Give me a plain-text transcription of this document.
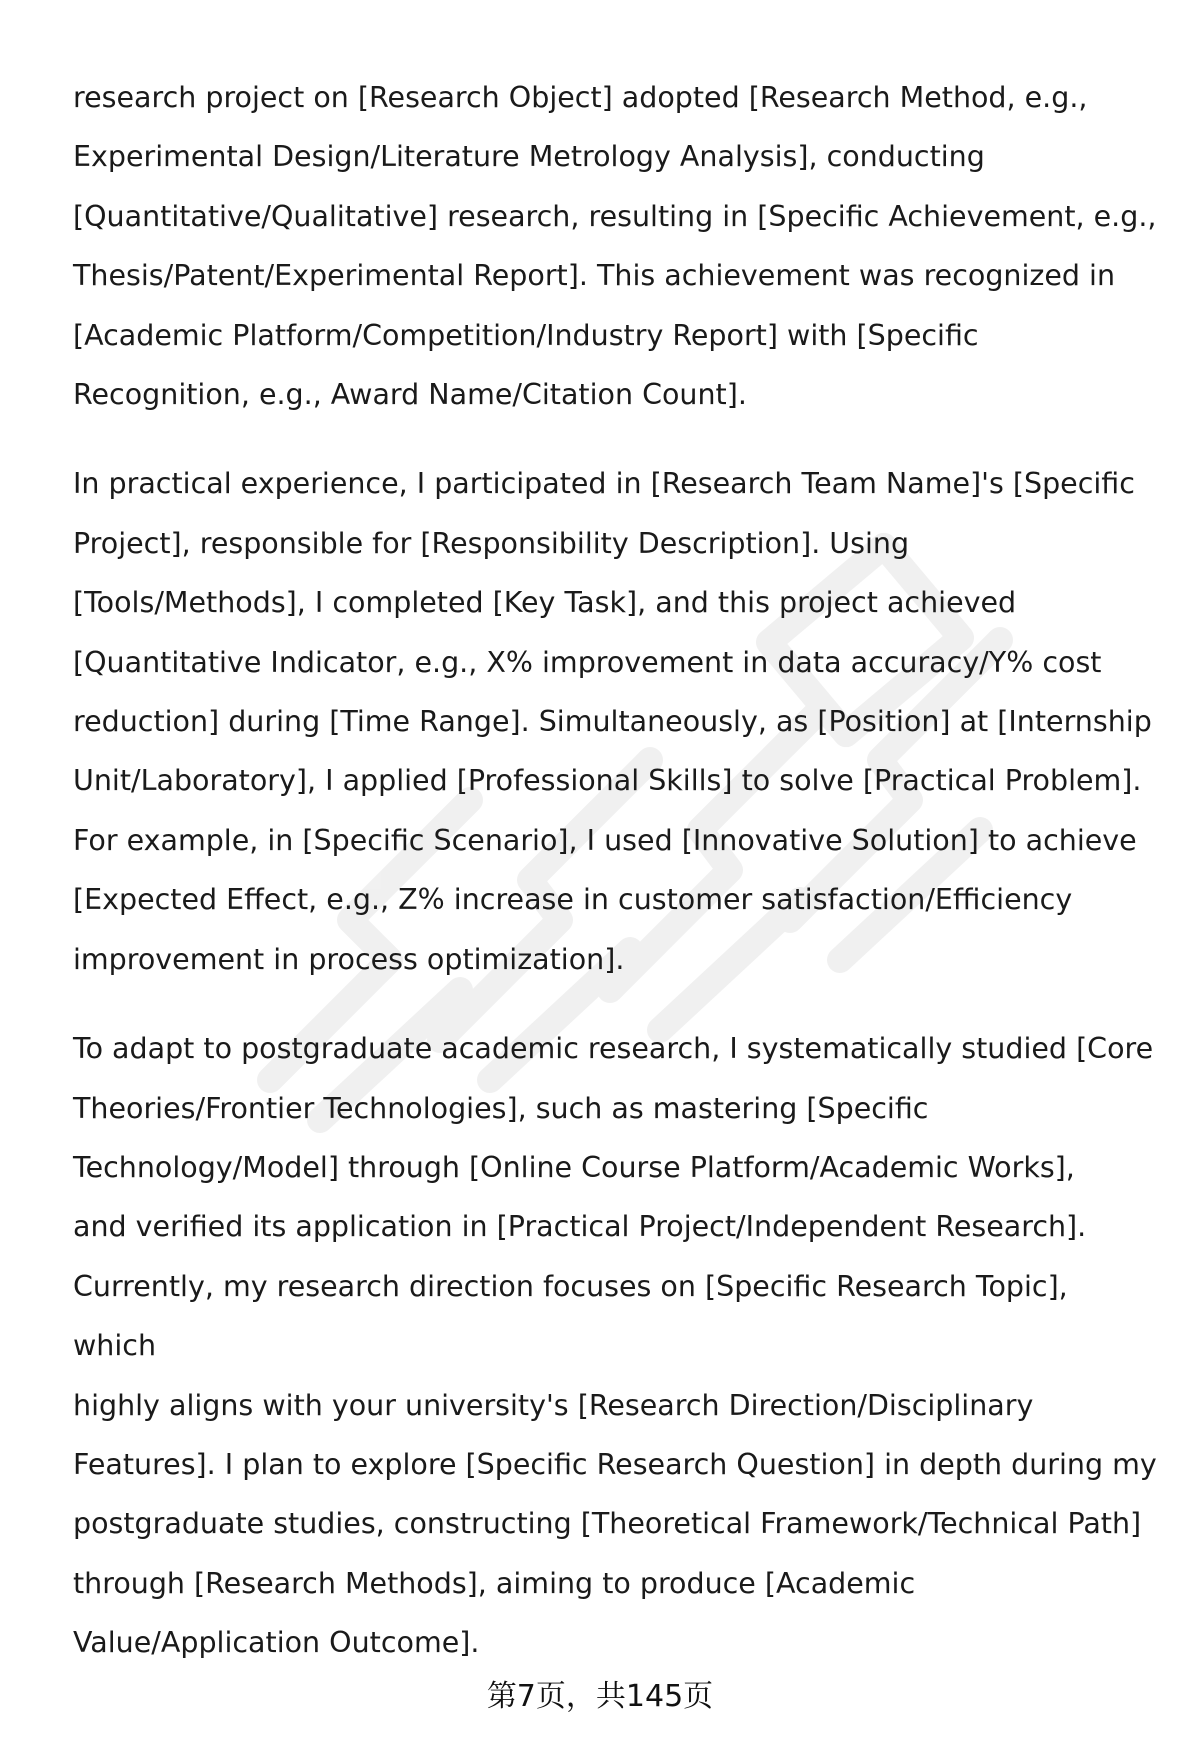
research project on [Research Object] adopted [Research Method, e.g.,
Experimental Design/Literature Metrology Analysis], conducting
[Quantitative/Qualitative] research, resulting in [Specific Achievement, e.g.,
Thesis/Patent/Experimental Report]. This achievement was recognized in
[Academic Platform/Competition/Industry Report] with [Specific
Recognition, e.g., Award Name/Citation Count].

In practical experience, I participated in [Research Team Name]'s [Specific
Project], responsible for [Responsibility Description]. Using
[Tools/Methods], I completed [Key Task], and this project achieved
[Quantitative Indicator, e.g., X% improvement in data accuracy/Y% cost
reduction] during [Time Range]. Simultaneously, as [Position] at [Internship
Unit/Laboratory], I applied [Professional Skills] to solve [Practical Problem].
For example, in [Specific Scenario], I used [Innovative Solution] to achieve
[Expected Effect, e.g., Z% increase in customer satisfaction/Efficiency
improvement in process optimization].

To adapt to postgraduate academic research, I systematically studied [Core
Theories/Frontier Technologies], such as mastering [Specific
Technology/Model] through [Online Course Platform/Academic Works],
and verified its application in [Practical Project/Independent Research].
Currently, my research direction focuses on [Specific Research Topic], which
highly aligns with your university's [Research Direction/Disciplinary
Features]. I plan to explore [Specific Research Question] in depth during my
postgraduate studies, constructing [Theoretical Framework/Technical Path]
through [Research Methods], aiming to produce [Academic
Value/Application Outcome].

第7页，共145页
